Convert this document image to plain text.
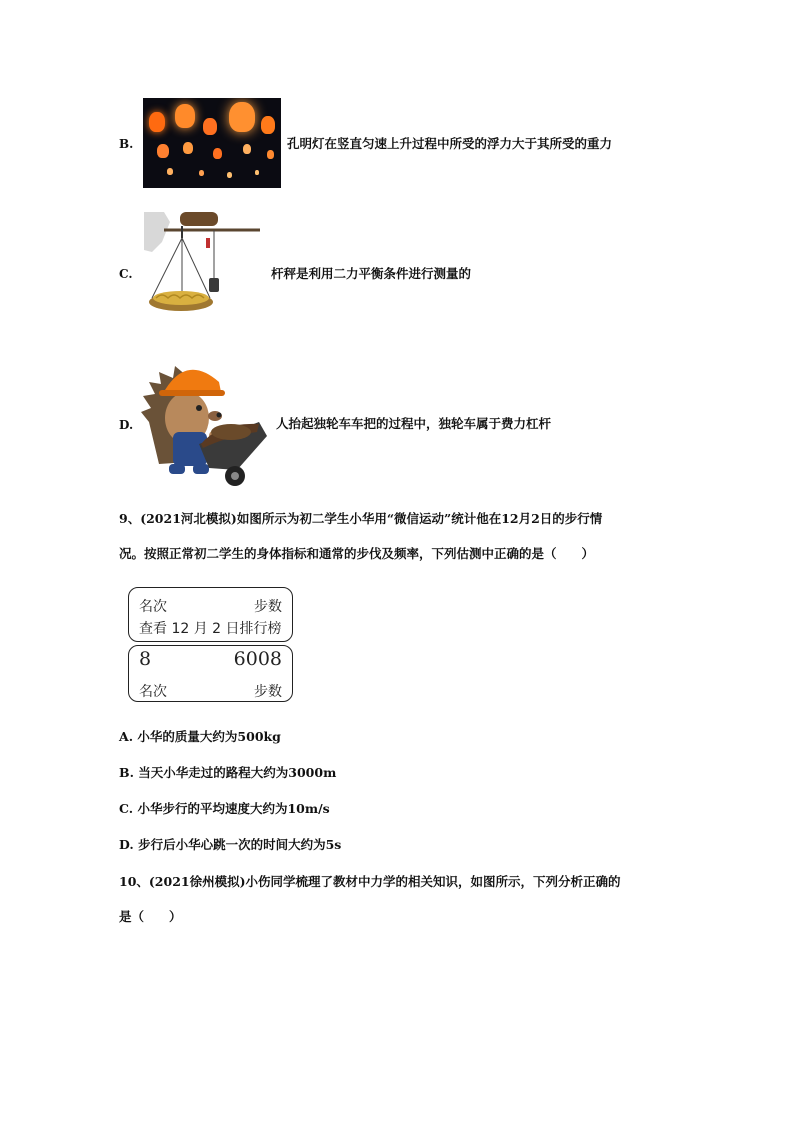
B.	孔明灯在竖直匀速上升过程中所受的浮力大于其所受的重力
C.	杆秤是利用二力平衡条件进行测量的
D.	人抬起独轮车车把的过程中，独轮车属于费力杠杆
9、(2021河北模拟)如图所示为初二学生小华用“微信运动”统计他在12月2日的步行情
况。按照正常初二学生的身体指标和通常的步伐及频率，下列估测中正确的是（　　）
名次	步数
查看 12 月 2 日排行榜
8	6008
名次	步数
A. 小华的质量大约为500kg
B. 当天小华走过的路程大约为3000m
C. 小华步行的平均速度大约为10m/s
D. 步行后小华心跳一次的时间大约为5s
10、(2021徐州模拟)小伤同学梳理了教材中力学的相关知识，如图所示，下列分析正确的
是（　　）
